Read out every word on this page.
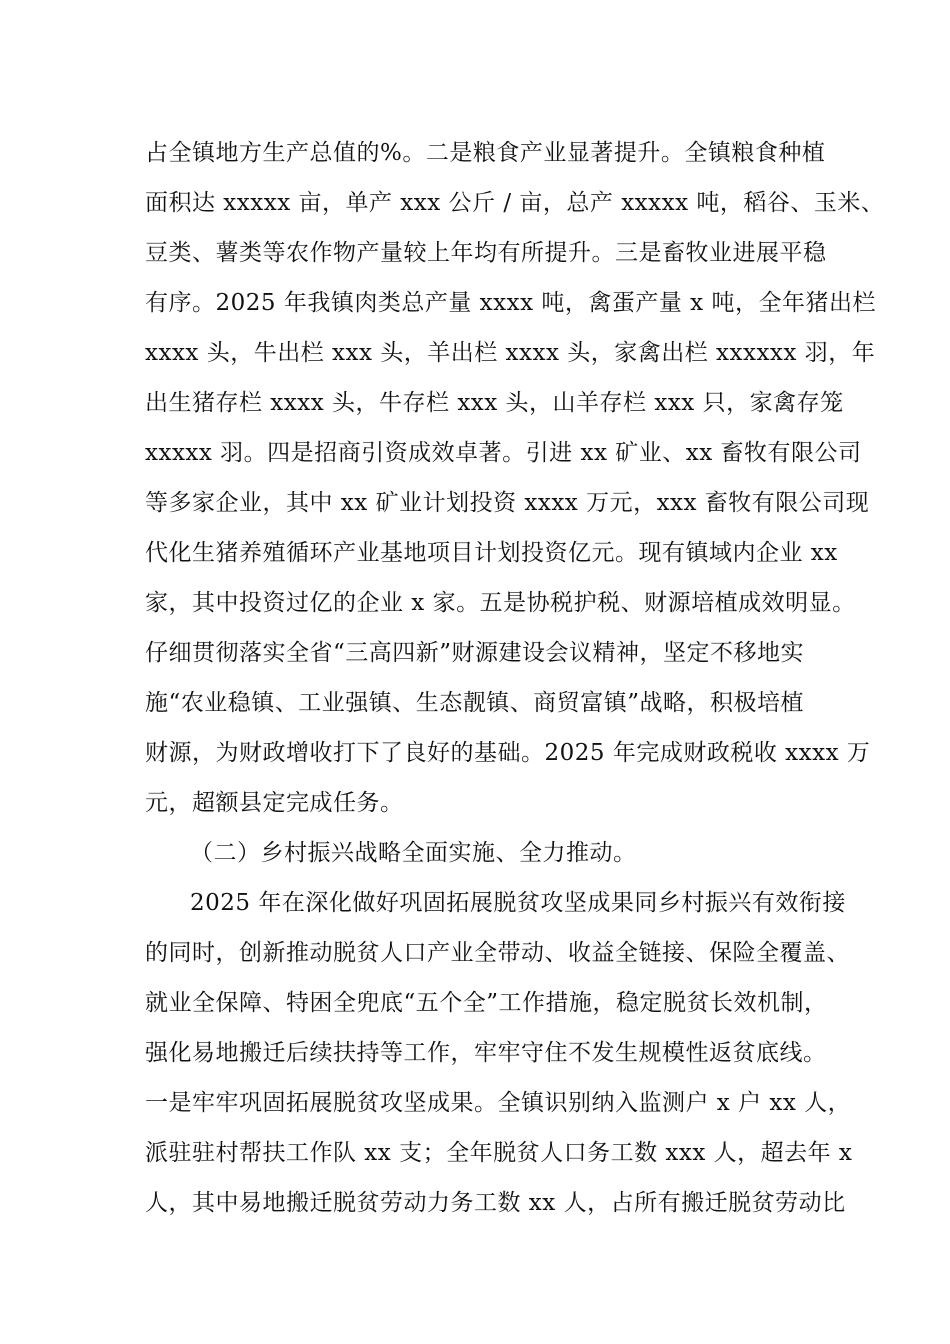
占全镇地方生产总值的%。二是粮食产业显著提升。全镇粮食种植
面积达 xxxxx 亩，单产 xxx 公斤 / 亩，总产 xxxxx 吨，稻谷、玉米、
豆类、薯类等农作物产量较上年均有所提升。三是畜牧业进展平稳
有序。2025 年我镇肉类总产量 xxxx 吨，禽蛋产量 x 吨，全年猪出栏
xxxx 头，牛出栏 xxx 头，羊出栏 xxxx 头，家禽出栏 xxxxxx 羽，年
出生猪存栏 xxxx 头，牛存栏 xxx 头，山羊存栏 xxx 只，家禽存笼
xxxxx 羽。四是招商引资成效卓著。引进 xx 矿业、xx 畜牧有限公司
等多家企业，其中 xx 矿业计划投资 xxxx 万元，xxx 畜牧有限公司现
代化生猪养殖循环产业基地项目计划投资亿元。现有镇域内企业 xx
家，其中投资过亿的企业 x 家。五是协税护税、财源培植成效明显。
仔细贯彻落实全省“三高四新”财源建设会议精神，坚定不移地实
施“农业稳镇、工业强镇、生态靓镇、商贸富镇”战略，积极培植
财源，为财政增收打下了良好的基础。2025 年完成财政税收 xxxx 万
元，超额县定完成任务。
（二）乡村振兴战略全面实施、全力推动。
2025 年在深化做好巩固拓展脱贫攻坚成果同乡村振兴有效衔接
的同时，创新推动脱贫人口产业全带动、收益全链接、保险全覆盖、
就业全保障、特困全兜底“五个全”工作措施，稳定脱贫长效机制，
强化易地搬迁后续扶持等工作，牢牢守住不发生规模性返贫底线。
一是牢牢巩固拓展脱贫攻坚成果。全镇识别纳入监测户 x 户 xx 人，
派驻驻村帮扶工作队 xx 支；全年脱贫人口务工数 xxx 人，超去年 x
人，其中易地搬迁脱贫劳动力务工数 xx 人，占所有搬迁脱贫劳动比
